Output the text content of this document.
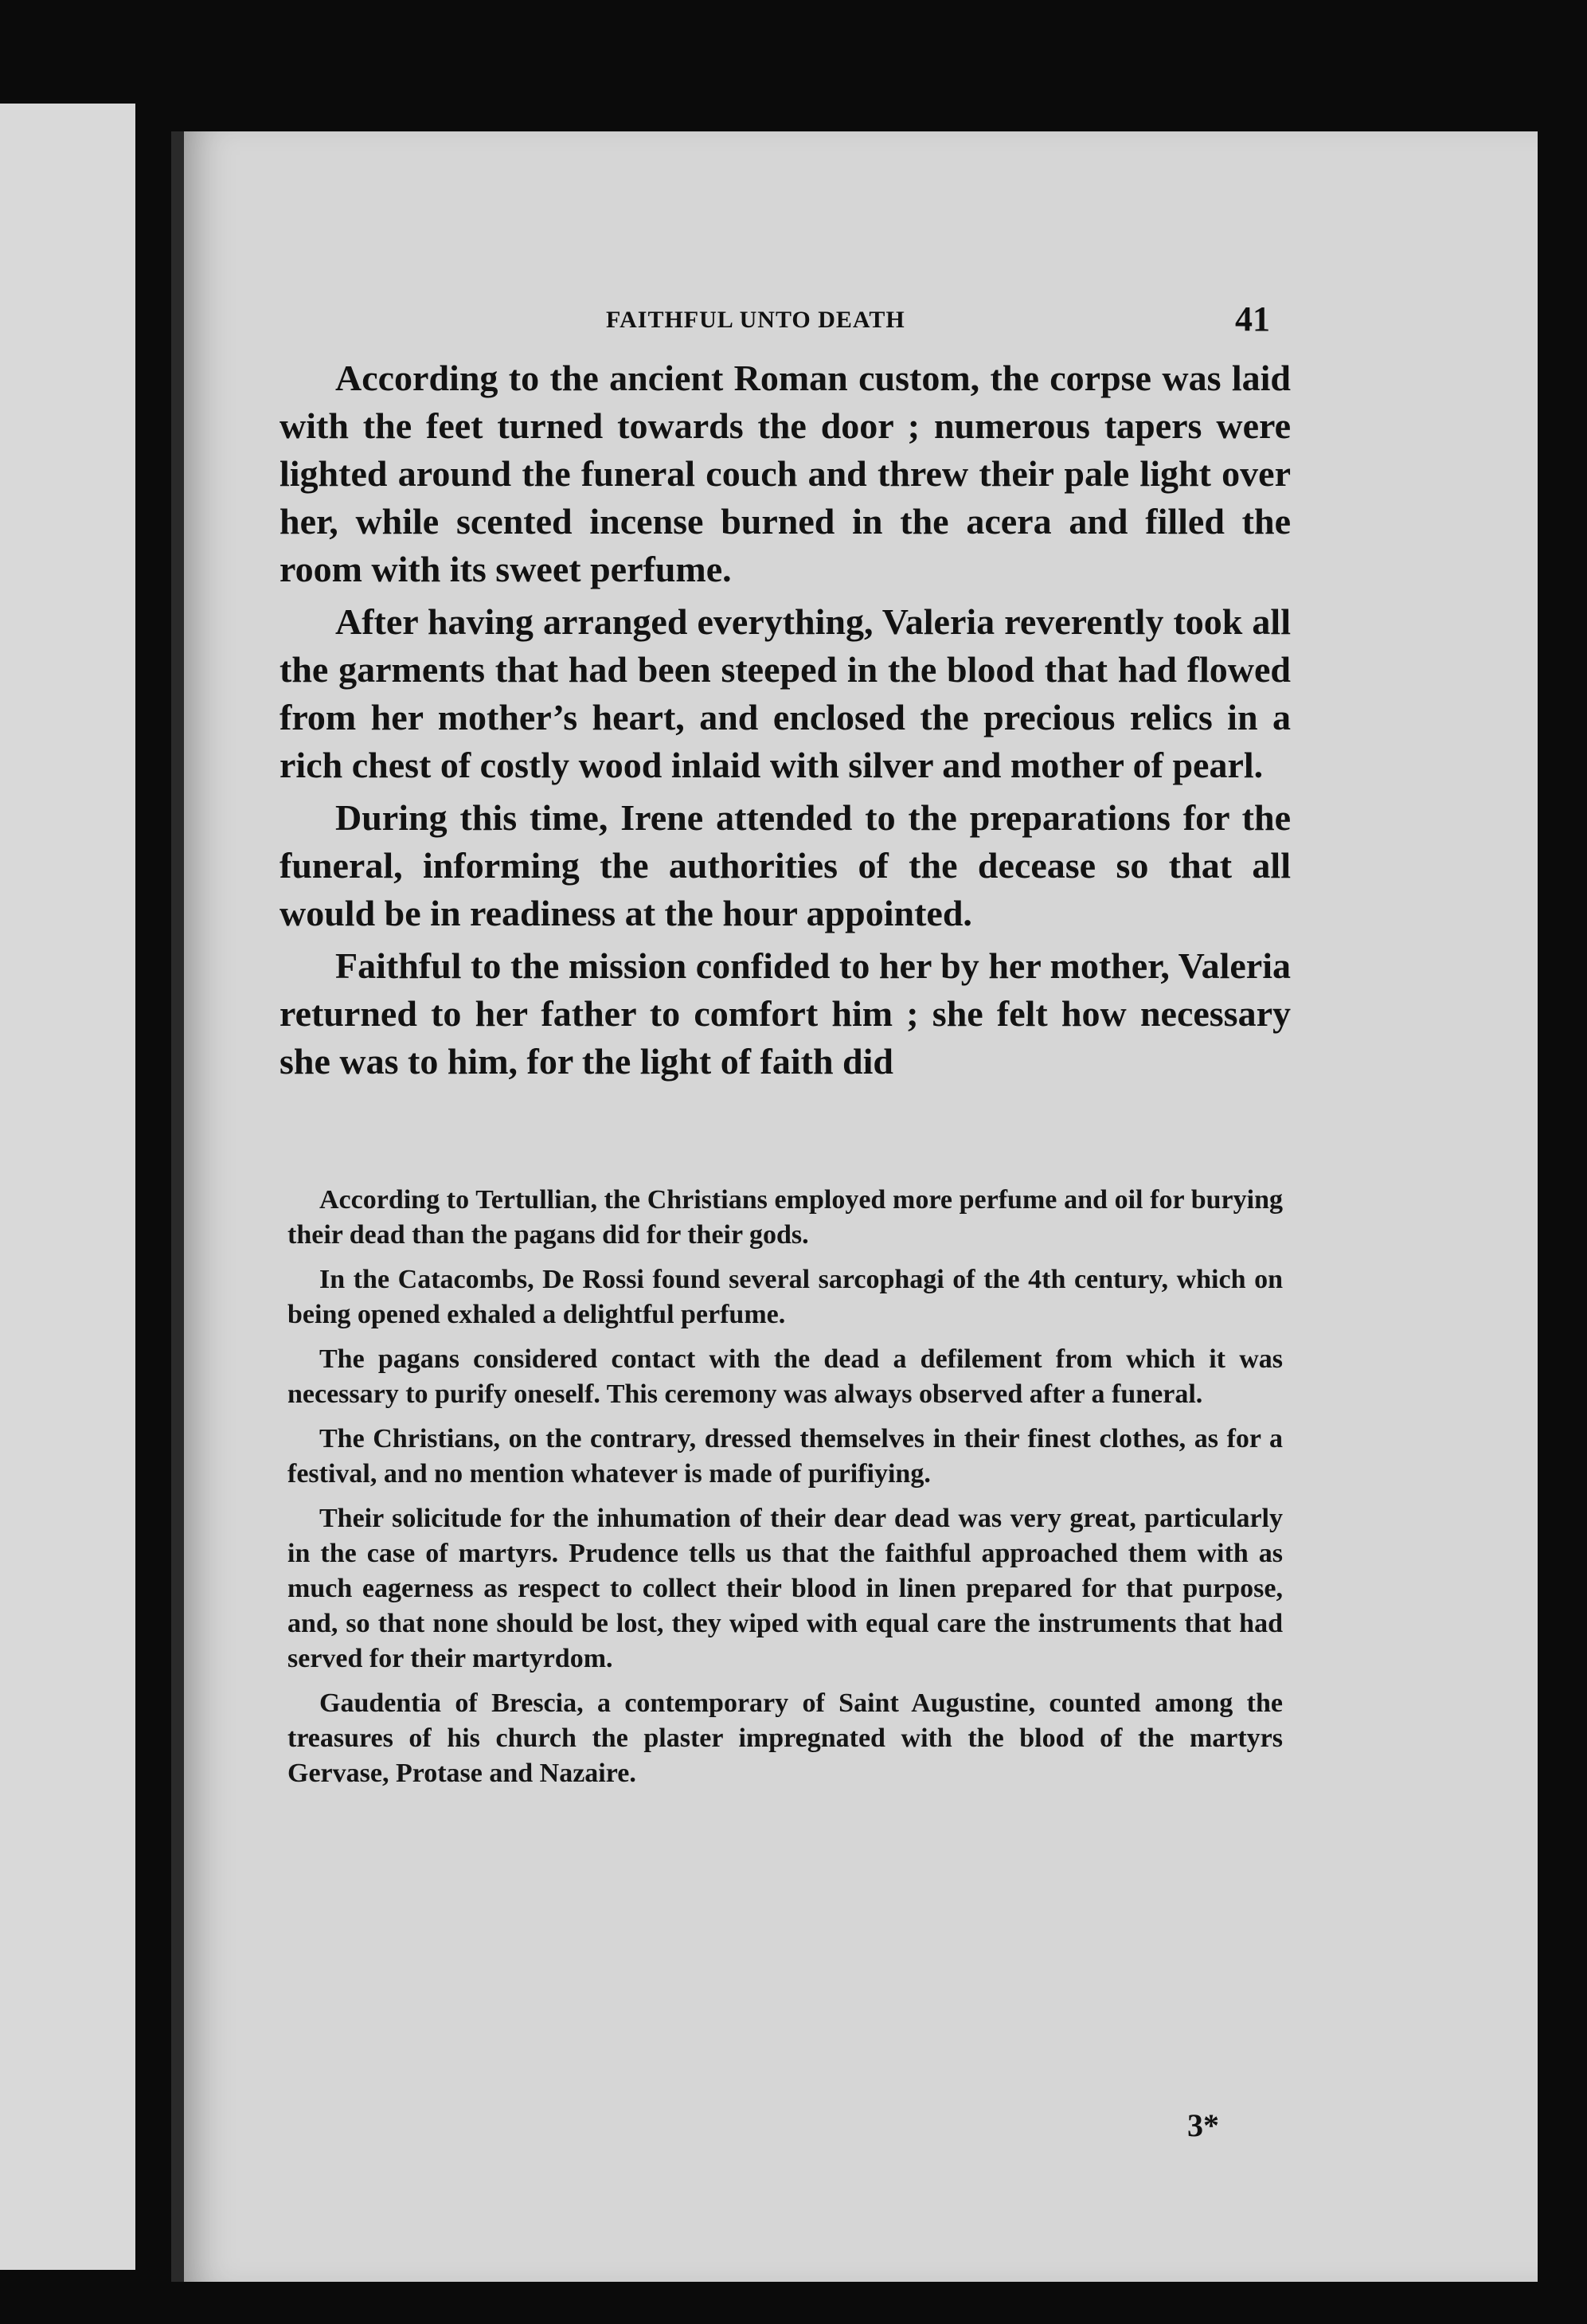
FAITHFUL UNTO DEATH	41

According to the ancient Roman custom, the corpse was laid with the feet turned towards the door ; numerous tapers were lighted around the funeral couch and threw their pale light over her, while scented incense burned in the acera and filled the room with its sweet perfume.

After having arranged everything, Valeria reverently took all the garments that had been steeped in the blood that had flowed from her mother’s heart, and enclosed the precious relics in a rich chest of costly wood inlaid with silver and mother of pearl.

During this time, Irene attended to the preparations for the funeral, informing the authorities of the decease so that all would be in readiness at the hour appointed.

Faithful to the mission confided to her by her mother, Valeria returned to her father to comfort him ; she felt how necessary she was to him, for the light of faith did

According to Tertullian, the Christians employed more perfume and oil for burying their dead than the pagans did for their gods.

In the Catacombs, De Rossi found several sarcophagi of the 4th century, which on being opened exhaled a delightful perfume.

The pagans considered contact with the dead a defilement from which it was necessary to purify oneself. This ceremony was always observed after a funeral.

The Christians, on the contrary, dressed themselves in their finest clothes, as for a festival, and no mention whatever is made of purifiying.

Their solicitude for the inhumation of their dear dead was very great, particularly in the case of martyrs. Prudence tells us that the faithful approached them with as much eagerness as respect to collect their blood in linen prepared for that purpose, and, so that none should be lost, they wiped with equal care the instruments that had served for their martyrdom.

Gaudentia of Brescia, a contemporary of Saint Augustine, counted among the treasures of his church the plaster impregnated with the blood of the martyrs Gervase, Protase and Nazaire.

3*
